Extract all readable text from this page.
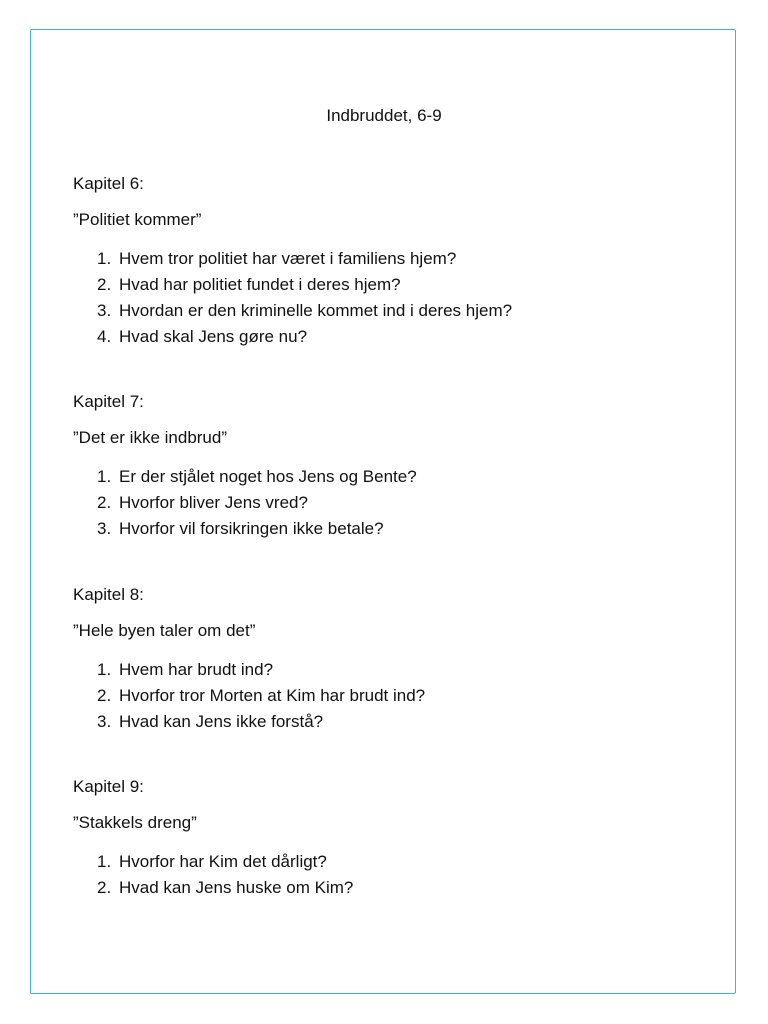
Indbruddet, 6-9

Kapitel 6:

”Politiet kommer”

1. Hvem tror politiet har været i familiens hjem?
2. Hvad har politiet fundet i deres hjem?
3. Hvordan er den kriminelle kommet ind i deres hjem?
4. Hvad skal Jens gøre nu?

Kapitel 7:

”Det er ikke indbrud”

1. Er der stjålet noget hos Jens og Bente?
2. Hvorfor bliver Jens vred?
3. Hvorfor vil forsikringen ikke betale?

Kapitel 8:

”Hele byen taler om det”

1. Hvem har brudt ind?
2. Hvorfor tror Morten at Kim har brudt ind?
3. Hvad kan Jens ikke forstå?

Kapitel 9:

”Stakkels dreng”

1. Hvorfor har Kim det dårligt?
2. Hvad kan Jens huske om Kim?
